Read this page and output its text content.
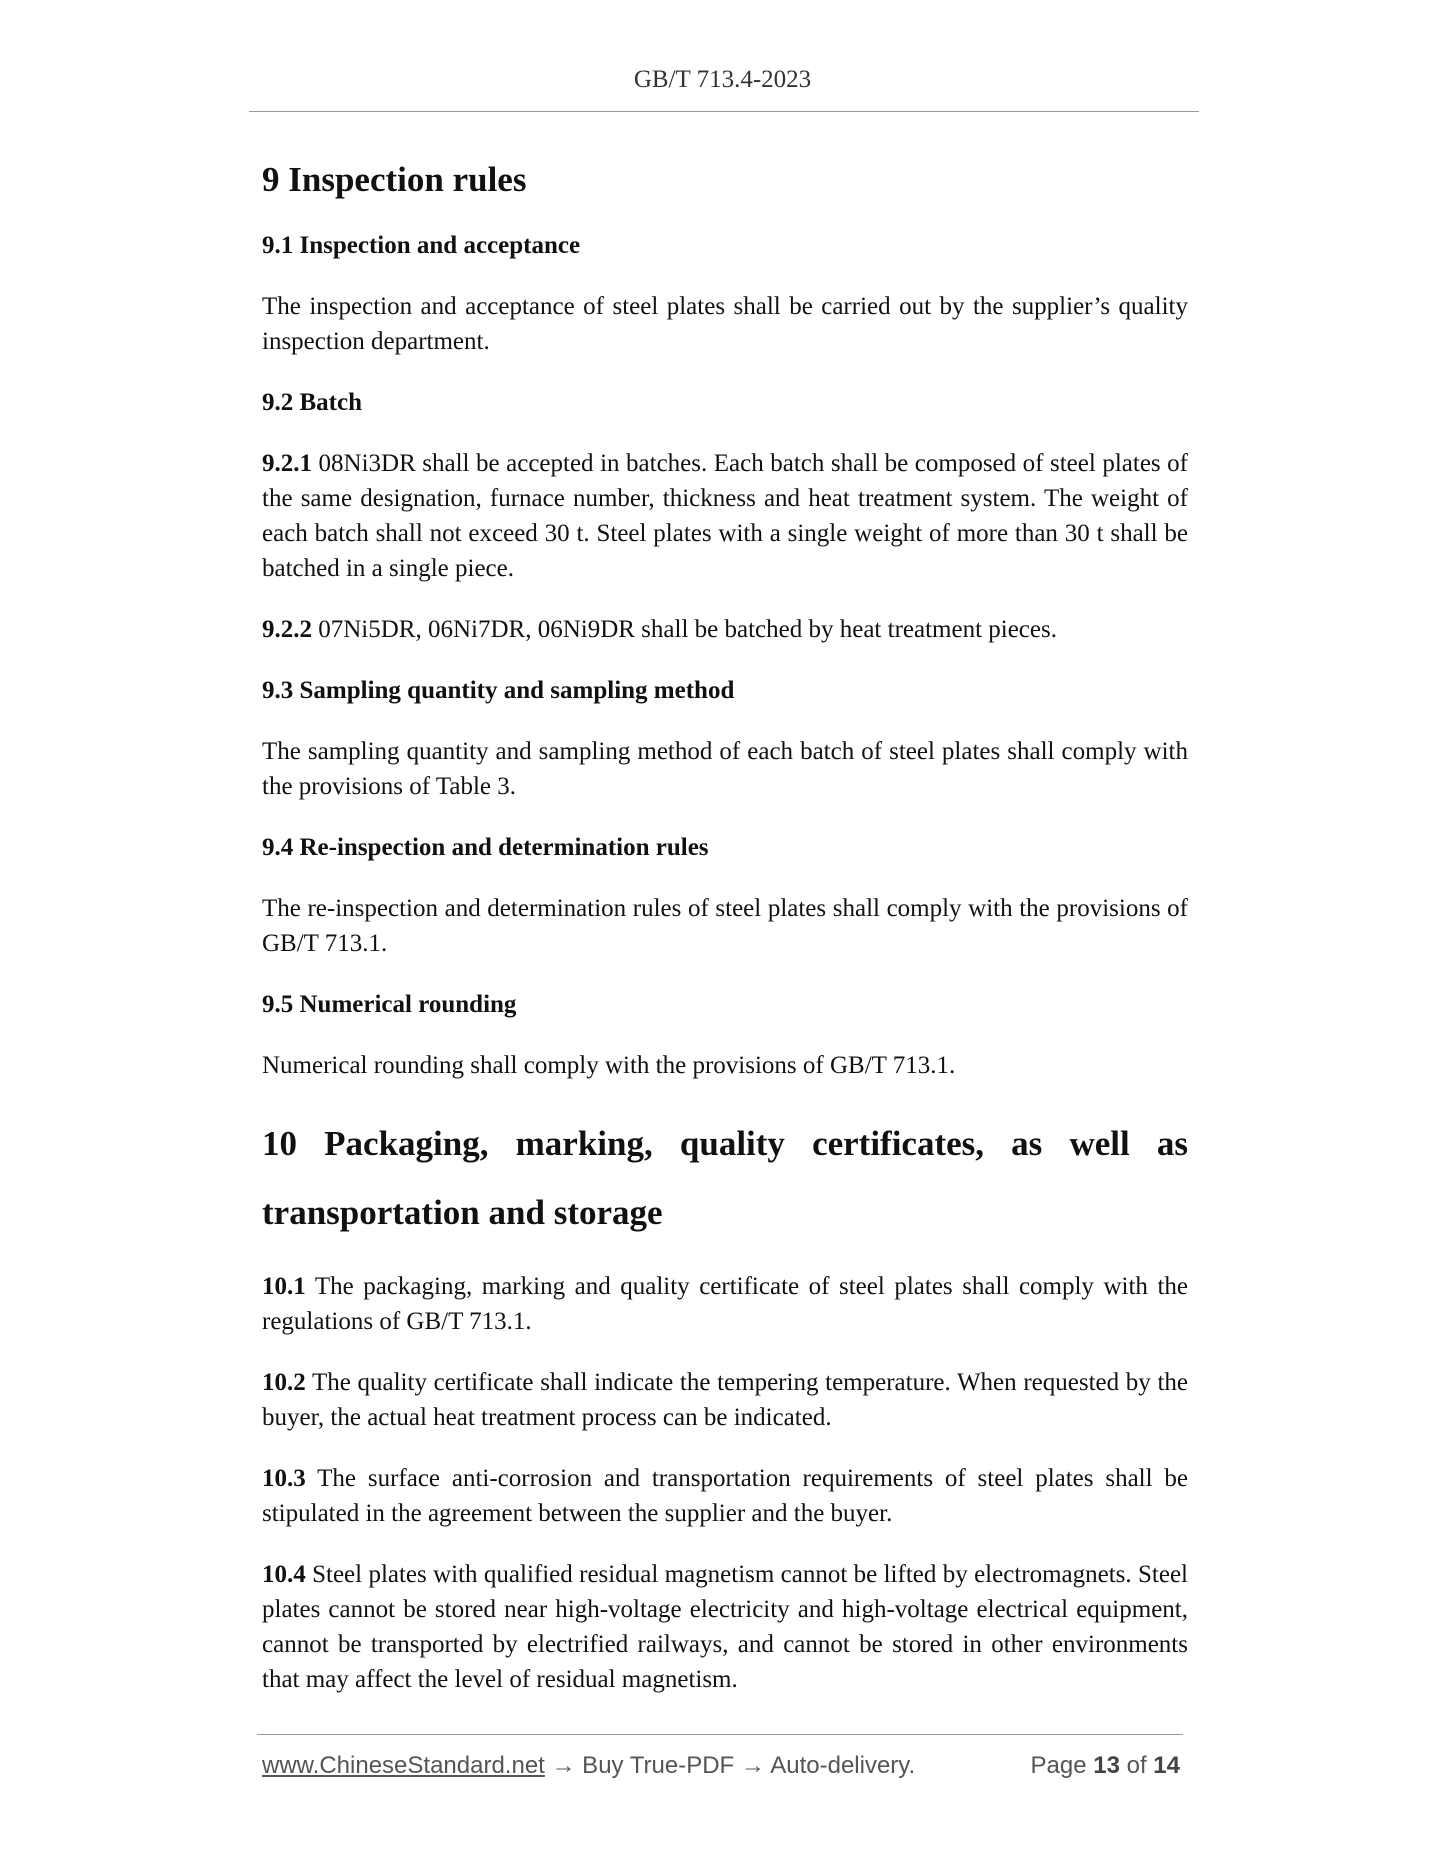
GB/T 713.4-2023
9 Inspection rules
9.1 Inspection and acceptance

The inspection and acceptance of steel plates shall be carried out by the supplier’s quality inspection department.

9.2 Batch

9.2.1 08Ni3DR shall be accepted in batches. Each batch shall be composed of steel plates of the same designation, furnace number, thickness and heat treatment system. The weight of each batch shall not exceed 30 t. Steel plates with a single weight of more than 30 t shall be batched in a single piece.

9.2.2 07Ni5DR, 06Ni7DR, 06Ni9DR shall be batched by heat treatment pieces.

9.3 Sampling quantity and sampling method

The sampling quantity and sampling method of each batch of steel plates shall comply with the provisions of Table 3.

9.4 Re-inspection and determination rules

The re-inspection and determination rules of steel plates shall comply with the provisions of GB/T 713.1.

9.5 Numerical rounding

Numerical rounding shall comply with the provisions of GB/T 713.1.

10 Packaging, marking, quality certificates, as well as transportation and storage

10.1 The packaging, marking and quality certificate of steel plates shall comply with the regulations of GB/T 713.1.

10.2 The quality certificate shall indicate the tempering temperature. When requested by the buyer, the actual heat treatment process can be indicated.

10.3 The surface anti-corrosion and transportation requirements of steel plates shall be stipulated in the agreement between the supplier and the buyer.

10.4 Steel plates with qualified residual magnetism cannot be lifted by electromagnets. Steel plates cannot be stored near high-voltage electricity and high-voltage electrical equipment, cannot be transported by electrified railways, and cannot be stored in other environments that may affect the level of residual magnetism.

www.ChineseStandard.net → Buy True-PDF → Auto-delivery.	Page 13 of 14
